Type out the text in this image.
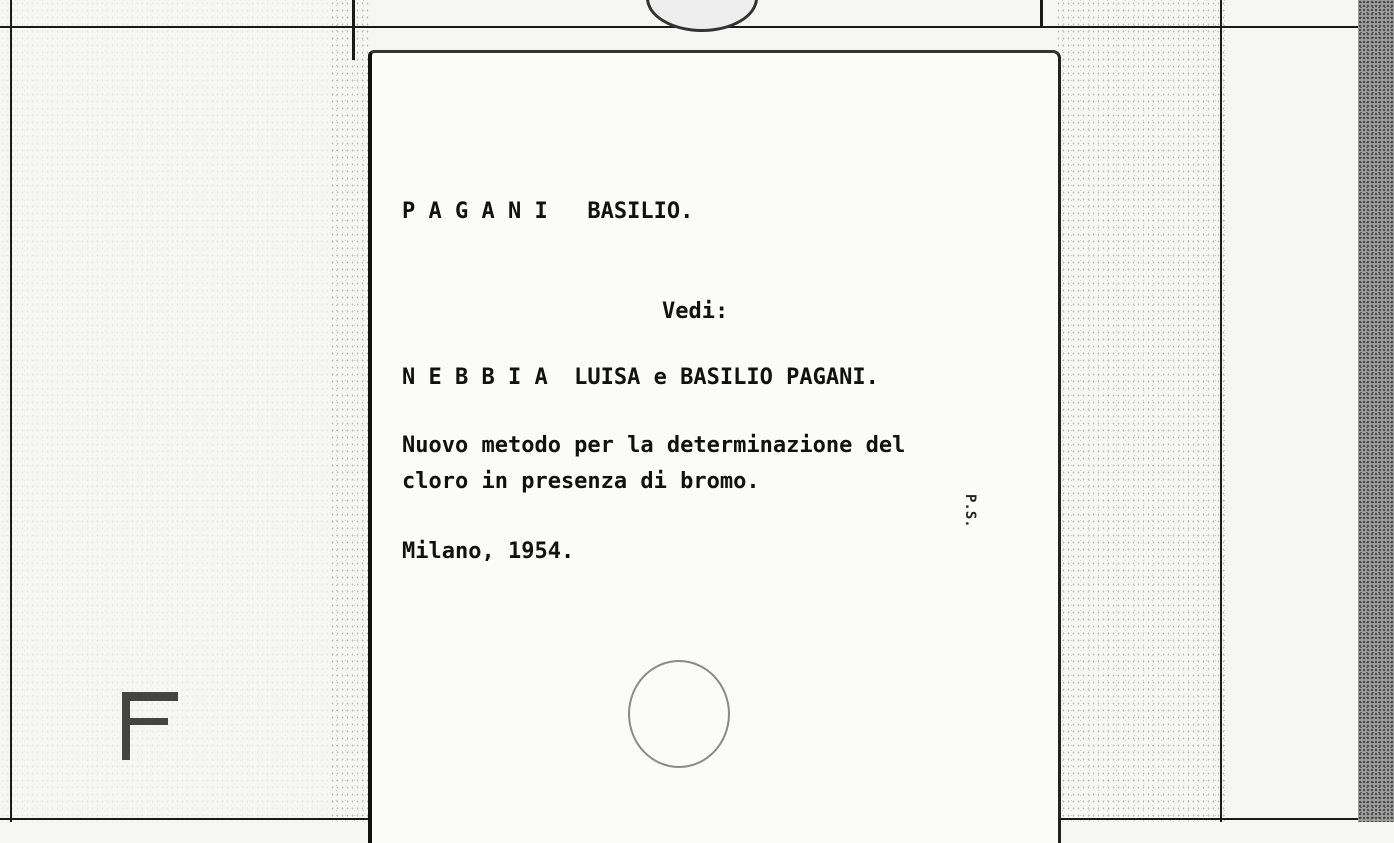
P A G A N I   BASILIO.
Vedi:
N E B B I A  LUISA e BASILIO PAGANI.
Nuovo metodo per la determinazione del
cloro in presenza di bromo.
Milano, 1954.
P.S.
